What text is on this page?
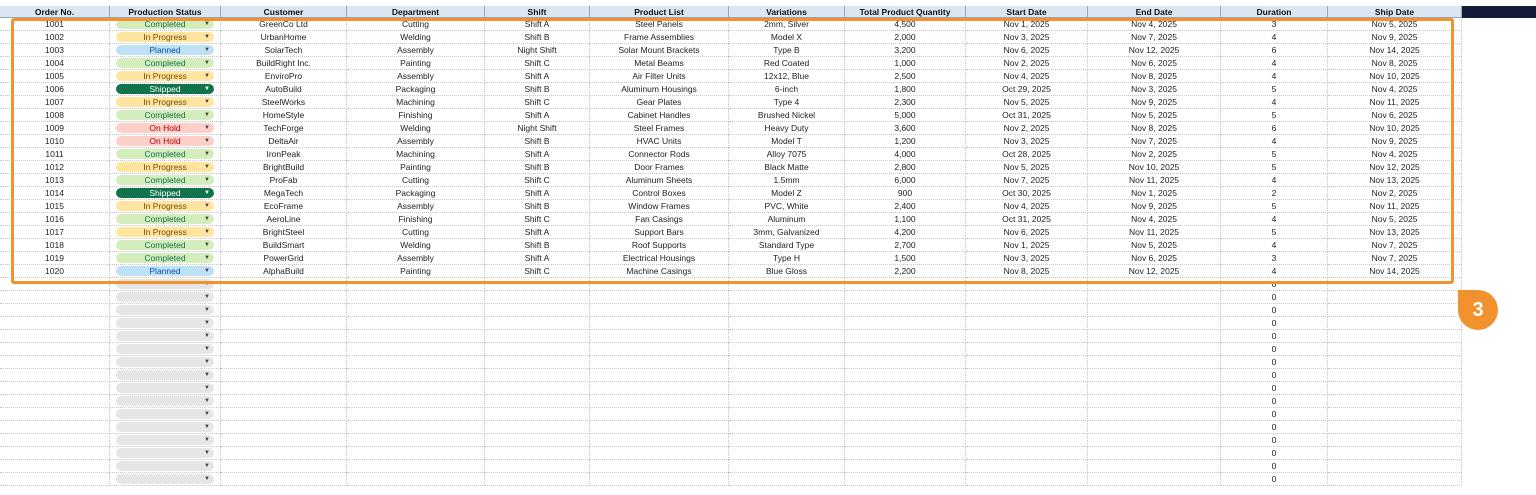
Order No.	Production Status	Customer	Department	Shift	Product List	Variations	Total Product Quantity	Start Date	End Date	Duration	Ship Date
1001	Completed	▼	GreenCo Ltd	Cutting	Shift A	Steel Panels	2mm, Silver	4,500	Nov 1, 2025	Nov 4, 2025	3	Nov 5, 2025
1002	In Progress	▼	UrbanHome	Welding	Shift B	Frame Assemblies	Model X	2,000	Nov 3, 2025	Nov 7, 2025	4	Nov 9, 2025
1003	Planned	▼	SolarTech	Assembly	Night Shift	Solar Mount Brackets	Type B	3,200	Nov 6, 2025	Nov 12, 2025	6	Nov 14, 2025
1004	Completed	▼	BuildRight Inc.	Painting	Shift C	Metal Beams	Red Coated	1,000	Nov 2, 2025	Nov 6, 2025	4	Nov 8, 2025
1005	In Progress	▼	EnviroPro	Assembly	Shift A	Air Filter Units	12x12, Blue	2,500	Nov 4, 2025	Nov 8, 2025	4	Nov 10, 2025
1006	Shipped	▼	AutoBuild	Packaging	Shift B	Aluminum Housings	6-inch	1,800	Oct 29, 2025	Nov 3, 2025	5	Nov 4, 2025
1007	In Progress	▼	SteelWorks	Machining	Shift C	Gear Plates	Type 4	2,300	Nov 5, 2025	Nov 9, 2025	4	Nov 11, 2025
1008	Completed	▼	HomeStyle	Finishing	Shift A	Cabinet Handles	Brushed Nickel	5,000	Oct 31, 2025	Nov 5, 2025	5	Nov 6, 2025
1009	On Hold	▼	TechForge	Welding	Night Shift	Steel Frames	Heavy Duty	3,600	Nov 2, 2025	Nov 8, 2025	6	Nov 10, 2025
1010	On Hold	▼	DeltaAir	Assembly	Shift B	HVAC Units	Model T	1,200	Nov 3, 2025	Nov 7, 2025	4	Nov 9, 2025
1011	Completed	▼	IronPeak	Machining	Shift A	Connector Rods	Alloy 7075	4,000	Oct 28, 2025	Nov 2, 2025	5	Nov 4, 2025
1012	In Progress	▼	BrightBuild	Painting	Shift B	Door Frames	Black Matte	2,800	Nov 5, 2025	Nov 10, 2025	5	Nov 12, 2025
1013	Completed	▼	ProFab	Cutting	Shift C	Aluminum Sheets	1.5mm	6,000	Nov 7, 2025	Nov 11, 2025	4	Nov 13, 2025
1014	Shipped	▼	MegaTech	Packaging	Shift A	Control Boxes	Model Z	900	Oct 30, 2025	Nov 1, 2025	2	Nov 2, 2025
1015	In Progress	▼	EcoFrame	Assembly	Shift B	Window Frames	PVC, White	2,400	Nov 4, 2025	Nov 9, 2025	5	Nov 11, 2025
1016	Completed	▼	AeroLine	Finishing	Shift C	Fan Casings	Aluminum	1,100	Oct 31, 2025	Nov 4, 2025	4	Nov 5, 2025
1017	In Progress	▼	BrightSteel	Cutting	Shift A	Support Bars	3mm, Galvanized	4,200	Nov 6, 2025	Nov 11, 2025	5	Nov 13, 2025
1018	Completed	▼	BuildSmart	Welding	Shift B	Roof Supports	Standard Type	2,700	Nov 1, 2025	Nov 5, 2025	4	Nov 7, 2025
1019	Completed	▼	PowerGrid	Assembly	Shift A	Electrical Housings	Type H	1,500	Nov 3, 2025	Nov 6, 2025	3	Nov 7, 2025
1020	Planned	▼	AlphaBuild	Painting	Shift C	Machine Casings	Blue Gloss	2,200	Nov 8, 2025	Nov 12, 2025	4	Nov 14, 2025
▼	0
▼	0
▼	0
▼	0
▼	0
▼	0
▼	0
▼	0
▼	0
▼	0
▼	0
▼	0
▼	0
▼	0
▼	0
▼	0
3
